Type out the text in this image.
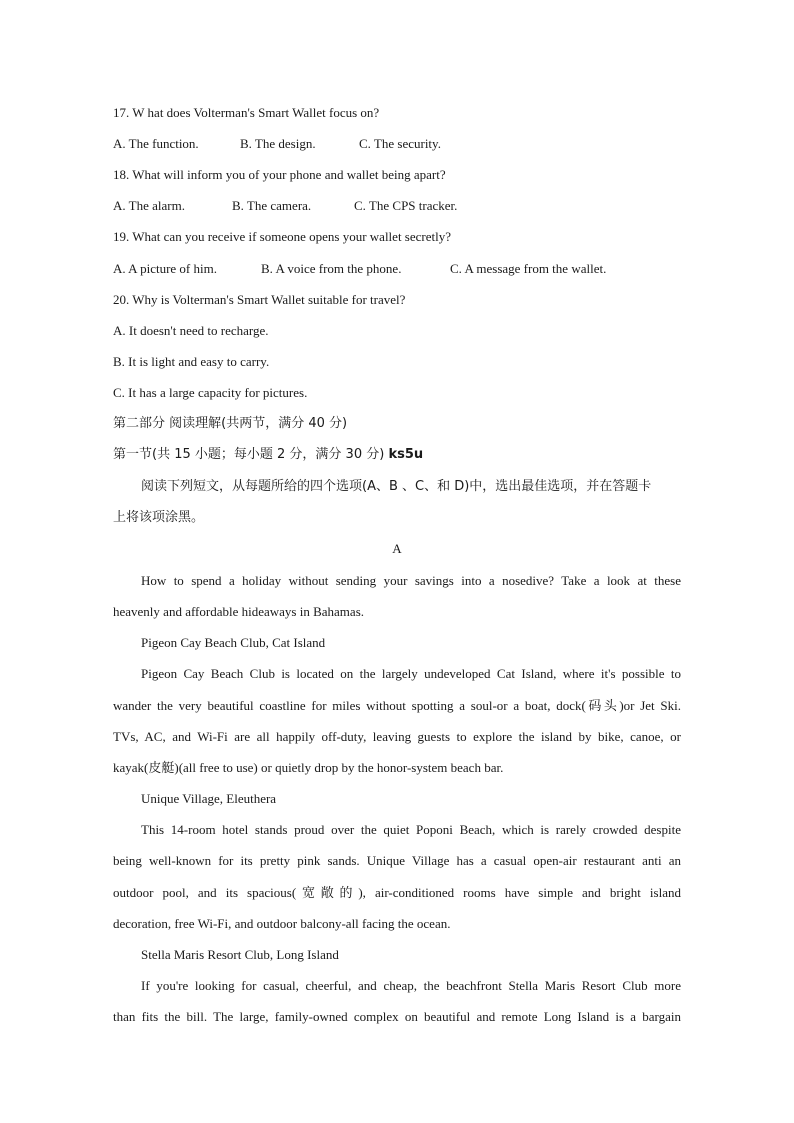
17. W hat does Volterman's Smart Wallet focus on?
A. The function.	B. The design.	C. The security.
18. What will inform you of your phone and wallet being apart?
A. The alarm.	B. The camera.	C. The CPS tracker.
19. What can you receive if someone opens your wallet secretly?
A. A picture of him.	B. A voice from the phone.	C. A message from the wallet.
20. Why is Volterman's Smart Wallet suitable for travel?
A. It doesn't need to recharge.
B. It is light and easy to carry.
C. It has a large capacity for pictures.
第二部分 阅读理解(共两节，满分 40 分)
第一节(共 15 小题；每小题 2 分，满分 30 分) ks5u
阅读下列短文，从每题所给的四个选项(A、B 、C、和 D)中，选出最佳选项，并在答题卡
上将该项涂黑。
A
How to spend a holiday without sending your savings into a nosedive? Take a look at these
heavenly and affordable hideaways in Bahamas.
Pigeon Cay Beach Club, Cat Island
Pigeon Cay Beach Club is located on the largely undeveloped Cat Island, where it's possible to
wander the very beautiful coastline for miles without spotting a soul-or a boat, dock(码头)or Jet Ski.
TVs, AC, and Wi-Fi are all happily off-duty, leaving guests to explore the island by bike, canoe, or
kayak(皮艇)(all free to use) or quietly drop by the honor-system beach bar.
Unique Village, Eleuthera
This 14-room hotel stands proud over the quiet Poponi Beach, which is rarely crowded despite
being well-known for its pretty pink sands. Unique Village has a casual open-air restaurant anti an
outdoor pool, and its spacious(宽敞的), air-conditioned rooms have simple and bright island
decoration, free Wi-Fi, and outdoor balcony-all facing the ocean.
Stella Maris Resort Club, Long Island
If you're looking for casual, cheerful, and cheap, the beachfront Stella Maris Resort Club more
than fits the bill. The large, family-owned complex on beautiful and remote Long Island is a bargain
